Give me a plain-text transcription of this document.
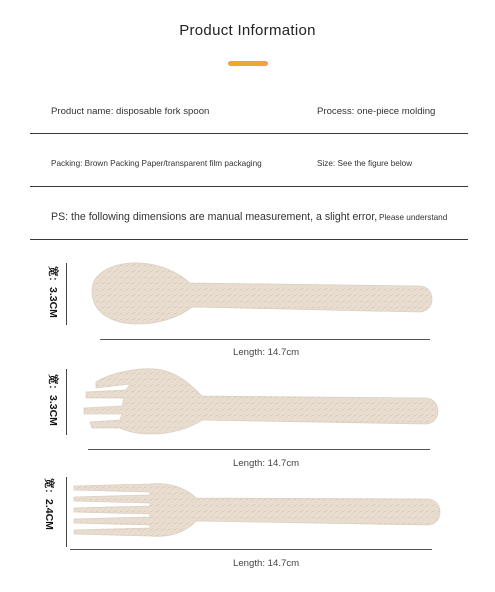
Product Information
Product name: disposable fork spoon	Process: one-piece molding
Packing: Brown Packing Paper/transparent film packaging	Size: See the figure below
PS: the following dimensions are manual measurement, a slight error, Please understand
宽：3.3CM
宽：3.3CM
宽：2.4CM
Length: 14.7cm
Length: 14.7cm
Length: 14.7cm
